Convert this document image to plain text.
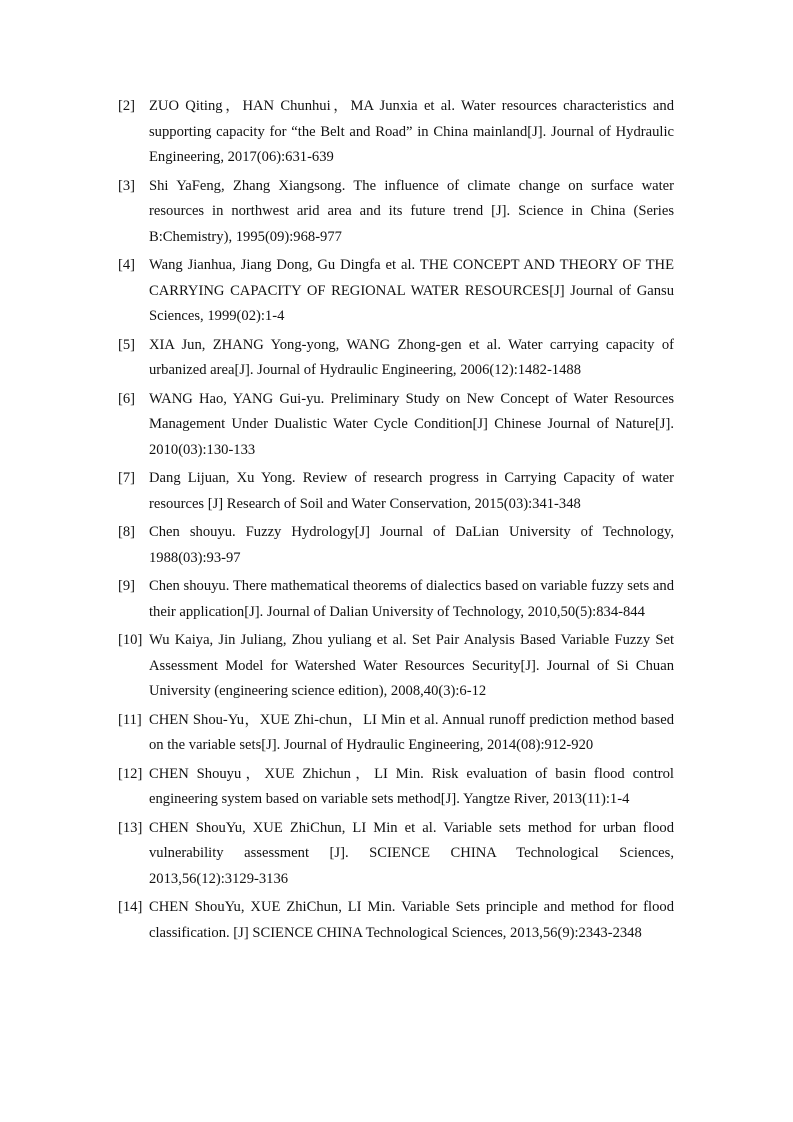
[2] ZUO Qiting，HAN Chunhui，MA Junxia et al. Water resources characteristics and supporting capacity for “the Belt and Road” in China mainland[J]. Journal of Hydraulic Engineering, 2017(06):631-639
[3] Shi YaFeng, Zhang Xiangsong. The influence of climate change on surface water resources in northwest arid area and its future trend [J]. Science in China (Series B:Chemistry), 1995(09):968-977
[4] Wang Jianhua, Jiang Dong, Gu Dingfa et al. THE CONCEPT AND THEORY OF THE CARRYING CAPACITY OF REGIONAL WATER RESOURCES[J] Journal of Gansu Sciences, 1999(02):1-4
[5] XIA Jun, ZHANG Yong-yong, WANG Zhong-gen et al. Water carrying capacity of urbanized area[J]. Journal of Hydraulic Engineering, 2006(12):1482-1488
[6] WANG Hao, YANG Gui-yu. Preliminary Study on New Concept of Water Resources Management Under Dualistic Water Cycle Condition[J] Chinese Journal of Nature[J]. 2010(03):130-133
[7] Dang Lijuan, Xu Yong. Review of research progress in Carrying Capacity of water resources [J] Research of Soil and Water Conservation, 2015(03):341-348
[8] Chen shouyu. Fuzzy Hydrology[J] Journal of DaLian University of Technology, 1988(03):93-97
[9] Chen shouyu. There mathematical theorems of dialectics based on variable fuzzy sets and their application[J]. Journal of Dalian University of Technology, 2010,50(5):834-844
[10] Wu Kaiya, Jin Juliang, Zhou yuliang et al. Set Pair Analysis Based Variable Fuzzy Set Assessment Model for Watershed Water Resources Security[J]. Journal of Si Chuan University (engineering science edition), 2008,40(3):6-12
[11] CHEN Shou-Yu，XUE Zhi-chun，LI Min et al. Annual runoff prediction method based on the variable sets[J]. Journal of Hydraulic Engineering, 2014(08):912-920
[12] CHEN Shouyu，XUE Zhichun，LI Min. Risk evaluation of basin flood control engineering system based on variable sets method[J]. Yangtze River, 2013(11):1-4
[13] CHEN ShouYu, XUE ZhiChun, LI Min et al. Variable sets method for urban flood vulnerability assessment [J]. SCIENCE CHINA Technological Sciences, 2013,56(12):3129-3136
[14] CHEN ShouYu, XUE ZhiChun, LI Min. Variable Sets principle and method for flood classification. [J] SCIENCE CHINA Technological Sciences, 2013,56(9):2343-2348
